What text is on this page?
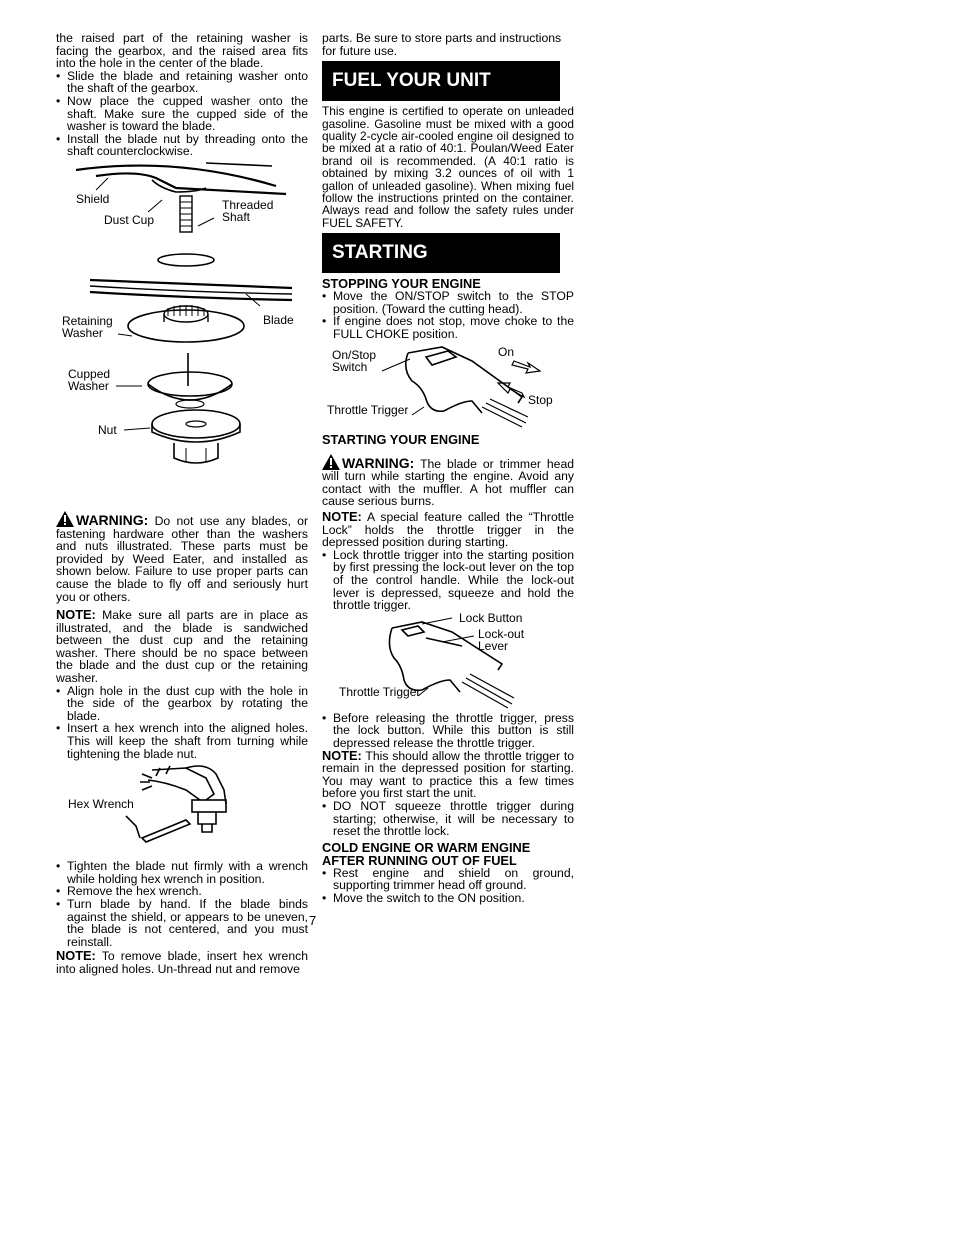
the raised part of the retaining washer is facing the gearbox, and the raised area fits into the hole in the center of the blade.

• Slide the blade and retaining washer onto the shaft of the gearbox.
• Now place the cupped washer onto the shaft. Make sure the cupped side of the washer is toward the blade.
• Install the blade nut by threading onto the shaft counterclockwise.
Shield
Dust Cup
Threaded
Shaft
Retaining
Washer
Blade
Cupped
Washer
Nut

WARNING: Do not use any blades, or fastening hardware other than the washers and nuts illustrated. These parts must be provided by Weed Eater, and installed as shown below. Failure to use proper parts can cause the blade to fly off and seriously hurt you or others.

NOTE: Make sure all parts are in place as illustrated, and the blade is sandwiched between the dust cup and the retaining washer. There should be no space between the blade and the dust cup or the retaining washer.

• Align hole in the dust cup with the hole in the side of the gearbox by rotating the blade.
• Insert a hex wrench into the aligned holes. This will keep the shaft from turning while tightening the blade nut.
Hex Wrench
• Tighten the blade nut firmly with a wrench while holding hex wrench in position.
• Remove the hex wrench.
• Turn blade by hand. If the blade binds against the shield, or appears to be uneven, the blade is not centered, and you must reinstall.

NOTE: To remove blade, insert hex wrench into aligned holes. Un-thread nut and remove

parts. Be sure to store parts and instructions for future use.

FUEL YOUR UNIT

This engine is certified to operate on unleaded gasoline. Gasoline must be mixed with a good quality 2-cycle air-cooled engine oil designed to be mixed at a ratio of 40:1. Poulan/Weed Eater brand oil is recommended. (A 40:1 ratio is obtained by mixing 3.2 ounces of oil with 1 gallon of unleaded gasoline). When mixing fuel follow the instructions printed on the container. Always read and follow the safety rules under FUEL SAFETY.

STARTING
STOPPING YOUR ENGINE
• Move the ON/STOP switch to the STOP position. (Toward the cutting head).
• If engine does not stop, move choke to the FULL CHOKE position.
On/Stop
Switch
On
Stop
Throttle Trigger
STARTING YOUR ENGINE

WARNING: The blade or trimmer head will turn while starting the engine. Avoid any contact with the muffler. A hot muffler can cause serious burns.

NOTE: A special feature called the “Throttle Lock” holds the throttle trigger in the depressed position during starting.

• Lock throttle trigger into the starting position by first pressing the lock-out lever on the top of the control handle. While the lock-out lever is depressed, squeeze and hold the throttle trigger.
Lock Button
Lock-out
Lever
Throttle Trigger
• Before releasing the throttle trigger, press the lock button. While this button is still depressed release the throttle trigger.

NOTE: This should allow the throttle trigger to remain in the depressed position for starting. You may want to practice this a few times before you first start the unit.

• DO NOT squeeze throttle trigger during starting; otherwise, it will be necessary to reset the throttle lock.
COLD ENGINE OR WARM ENGINE AFTER RUNNING OUT OF FUEL
• Rest engine and shield on ground, supporting trimmer head off ground.
• Move the switch to the ON position.
7
